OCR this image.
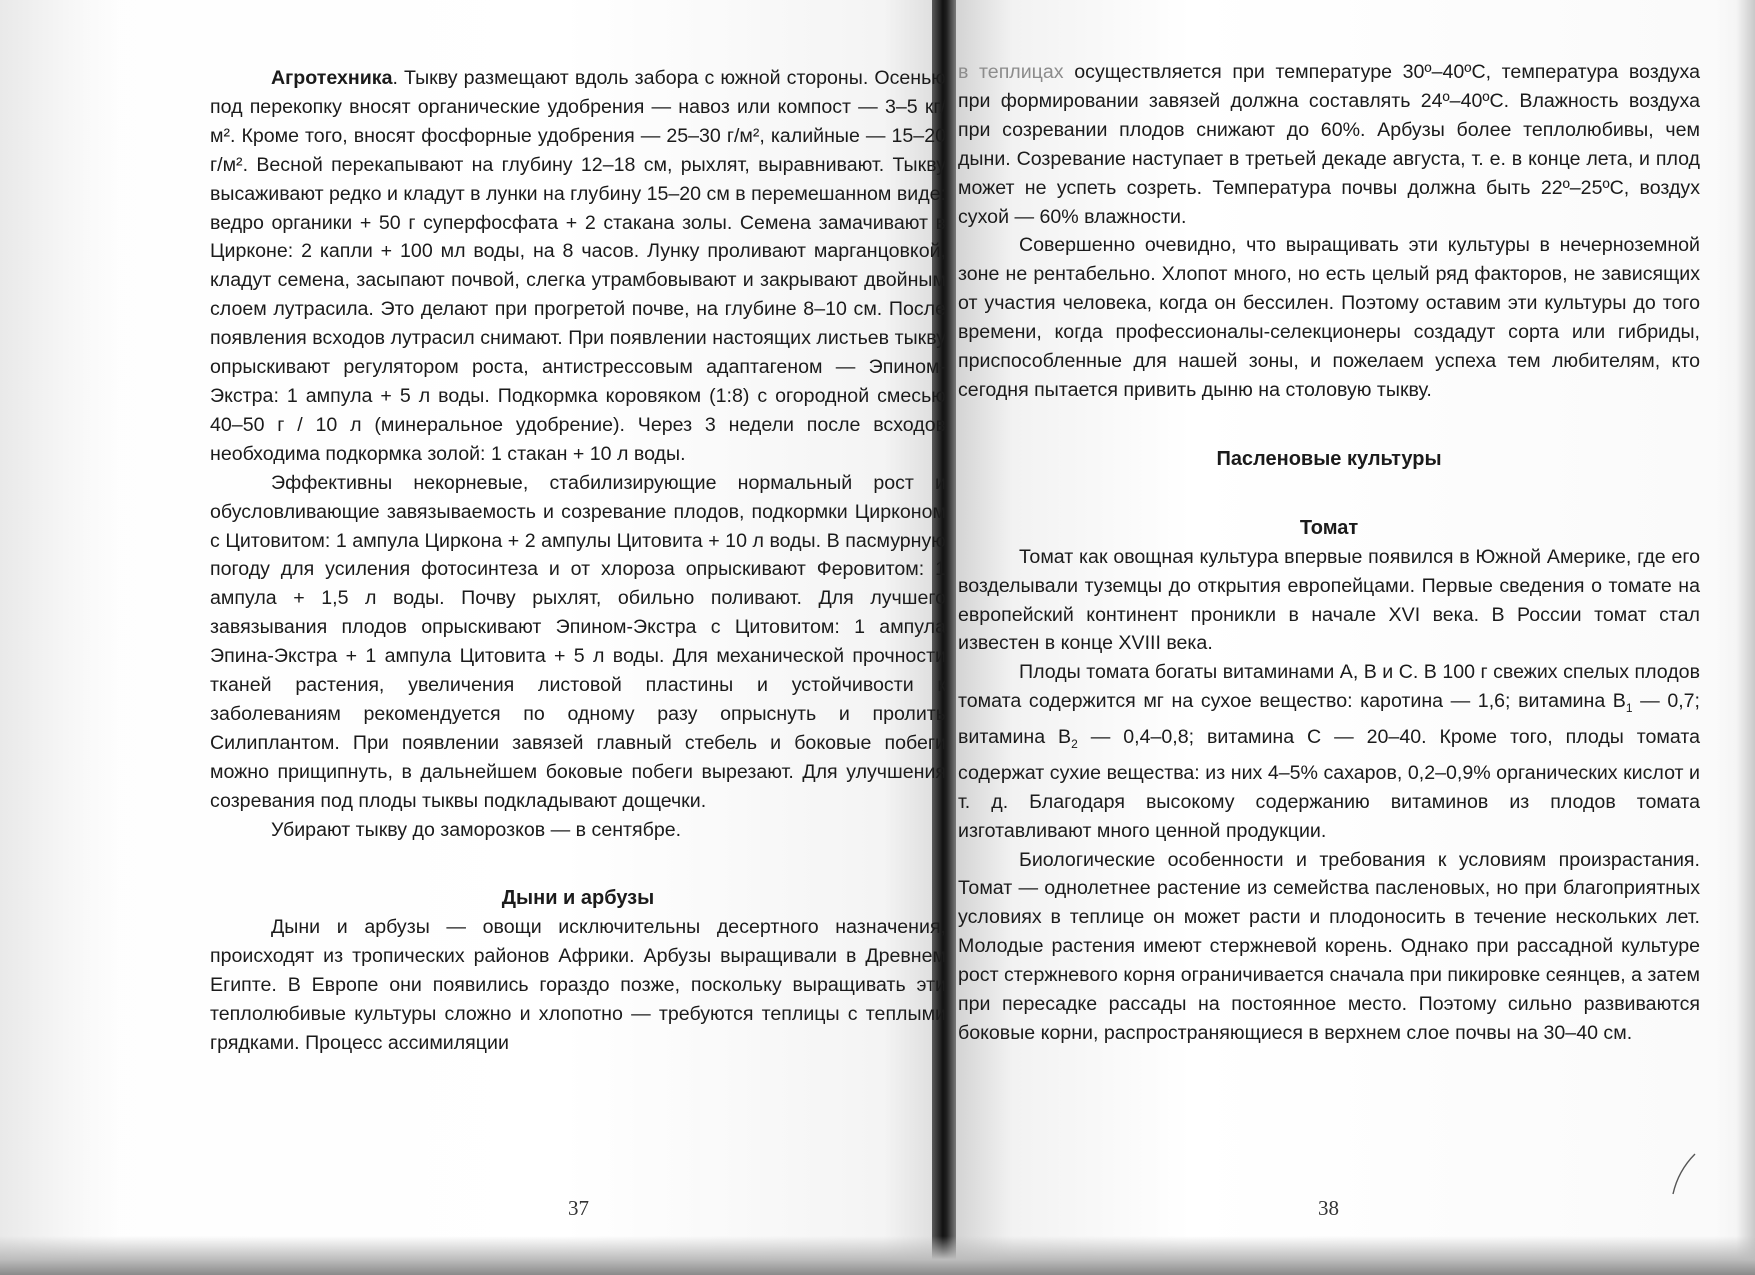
Агротехника. Тыкву размещают вдоль забора с южной стороны. Осенью под перекопку вносят органические удобрения — навоз или компост — 3–5 кг/м². Кроме того, вносят фосфорные удобрения — 25–30 г/м², калийные — 15–20 г/м². Весной перекапывают на глубину 12–18 см, рыхлят, выравнивают. Тыкву высаживают редко и кладут в лунки на глубину 15–20 см в перемешанном виде: ведро органики + 50 г суперфосфата + 2 стакана золы. Семена замачивают в Цирконе: 2 капли + 100 мл воды, на 8 часов. Лунку проливают марганцовкой, кладут семена, засыпают почвой, слегка утрамбовывают и закрывают двойным слоем лутрасила. Это делают при прогретой почве, на глубине 8–10 см. После появления всходов лутрасил снимают. При появлении настоящих листьев тыкву опрыскивают регулятором роста, антистрессовым адаптагеном — Эпином-Экстра: 1 ампула + 5 л воды. Подкормка коровяком (1:8) с огородной смесью 40–50 г / 10 л (минеральное удобрение). Через 3 недели после всходов необходима подкормка золой: 1 стакан + 10 л воды.

Эффективны некорневые, стабилизирующие нормальный рост и обусловливающие завязываемость и созревание плодов, подкормки Цирконом с Цитовитом: 1 ампула Циркона + 2 ампулы Цитовита + 10 л воды. В пасмурную погоду для усиления фотосинтеза и от хлороза опрыскивают Феровитом: 1 ампула + 1,5 л воды. Почву рыхлят, обильно поливают. Для лучшего завязывания плодов опрыскивают Эпином-Экстра с Цитовитом: 1 ампула Эпина-Экстра + 1 ампула Цитовита + 5 л воды. Для механической прочности тканей растения, увеличения листовой пластины и устойчивости к заболеваниям рекомендуется по одному разу опрыснуть и пролить Силиплантом. При появлении завязей главный стебель и боковые побеги можно прищипнуть, в дальнейшем боковые побеги вырезают. Для улучшения созревания под плоды тыквы подкладывают дощечки.

Убирают тыкву до заморозков — в сентябре.

Дыни и арбузы

Дыни и арбузы — овощи исключительны десертного назначения, происходят из тропических районов Африки. Арбузы выращивали в Древнем Египте. В Европе они появились гораздо позже, поскольку выращивать эти теплолюбивые культуры сложно и хлопотно — требуются теплицы с теплыми грядками. Процесс ассимиляции

в теплицах осуществляется при температуре 30º–40ºС, температура воздуха при формировании завязей должна составлять 24º–40ºС. Влажность воздуха при созревании плодов снижают до 60%. Арбузы более теплолюбивы, чем дыни. Созревание наступает в третьей декаде августа, т. е. в конце лета, и плод может не успеть созреть. Температура почвы должна быть 22º–25ºС, воздух сухой — 60% влажности.

Совершенно очевидно, что выращивать эти культуры в нечерноземной зоне не рентабельно. Хлопот много, но есть целый ряд факторов, не зависящих от участия человека, когда он бессилен. Поэтому оставим эти культуры до того времени, когда профессионалы-селекционеры создадут сорта или гибриды, приспособленные для нашей зоны, и пожелаем успеха тем любителям, кто сегодня пытается привить дыню на столовую тыкву.

Пасленовые культуры
Томат

Томат как овощная культура впервые появился в Южной Америке, где его возделывали туземцы до открытия европейцами. Первые сведения о томате на европейский континент проникли в начале XVI века. В России томат стал известен в конце XVIII века.

Плоды томата богаты витаминами А, В и С. В 100 г свежих спелых плодов томата содержится мг на сухое вещество: каротина — 1,6; витамина $В_1$ — 0,7; витамина $В_2$ — 0,4–0,8; витамина С — 20–40. Кроме того, плоды томата содержат сухие вещества: из них 4–5% сахаров, 0,2–0,9% органических кислот и т. д. Благодаря высокому содержанию витаминов из плодов томата изготавливают много ценной продукции.

Биологические особенности и требования к условиям произрастания. Томат — однолетнее растение из семейства пасленовых, но при благоприятных условиях в теплице он может расти и плодоносить в течение нескольких лет. Молодые растения имеют стержневой корень. Однако при рассадной культуре рост стержневого корня ограничивается сначала при пикировке сеянцев, а затем при пересадке рассады на постоянное место. Поэтому сильно развиваются боковые корни, распространяющиеся в верхнем слое почвы на 30–40 см.

37	38
